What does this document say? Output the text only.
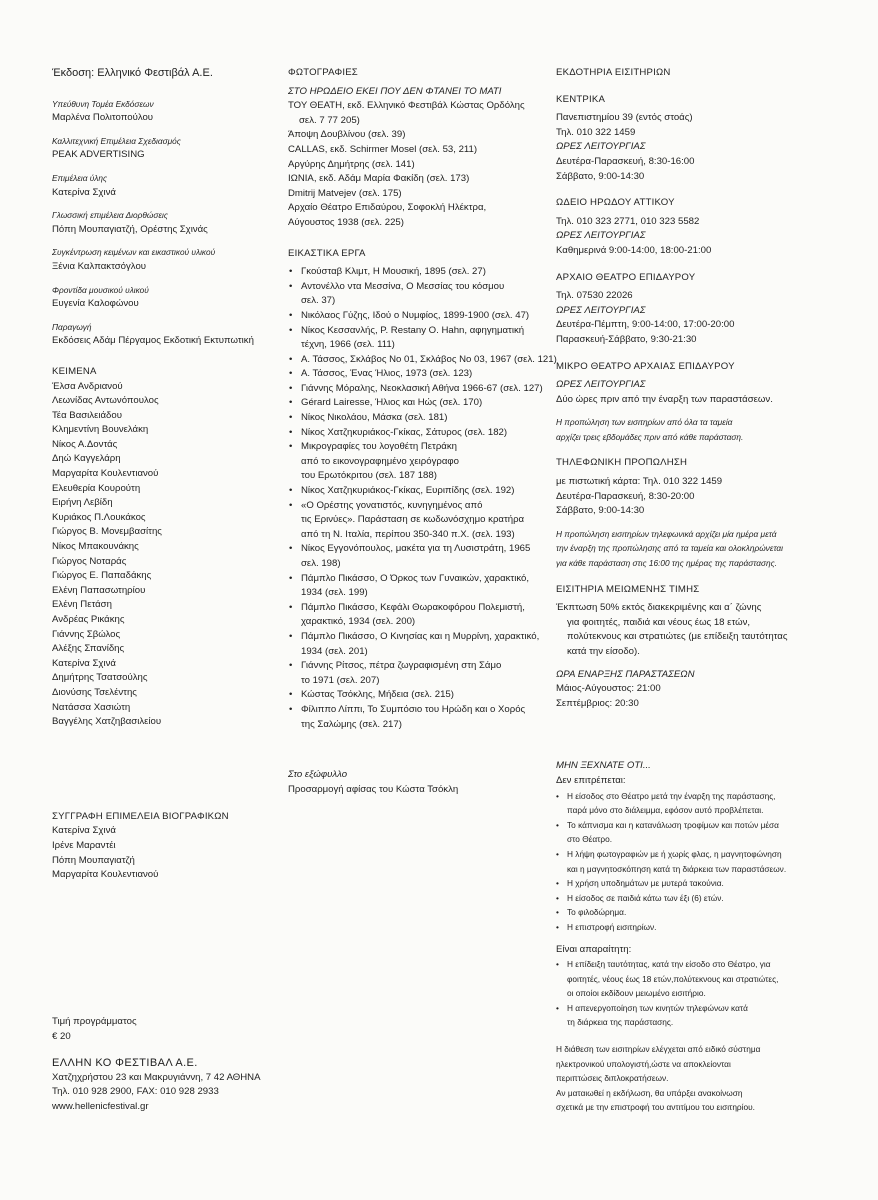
Έκδοση: Ελληνικό Φεστιβάλ Α.Ε.
Υπεύθυνη Τομέα Εκδόσεων
Μαρλένα Πολιτοπούλου
Καλλιτεχνική Επιμέλεια Σχεδιασμός
PEAK ADVERTISING
Επιμέλεια ύλης
Κατερίνα Σχινά
Γλωσσική επιμέλεια Διορθώσεις
Πόπη Μουπαγιατζή, Ορέστης Σχινάς
Συγκέντρωση κειμένων και εικαστικού υλικού
Ξένια Καλπακτσόγλου
Φροντίδα μουσικού υλικού
Ευγενία Καλοφώνου
Παραγωγή
Εκδόσεις Αδάμ Πέργαμος Εκδοτική Εκτυπωτική
ΚΕΙΜΕΝΑ
Έλσα Ανδριανού
Λεωνίδας Αντωνόπουλος
Τέα Βασιλειάδου
Κλημεντίνη Βουνελάκη
Νίκος Α.Δοντάς
Δηώ Καγγελάρη
Μαργαρίτα Κουλεντιανού
Ελευθερία Κουρούτη
Ειρήνη Λεβίδη
Κυριάκος Π.Λουκάκος
Γιώργος Β. Μονεμβασίτης
Νίκος Μπακουνάκης
Γιώργος Νοταράς
Γιώργος Ε. Παπαδάκης
Ελένη Παπασωτηρίου
Ελένη Πετάση
Ανδρέας Ρικάκης
Γιάννης Σβώλος
Αλέξης Σπανίδης
Κατερίνα Σχινά
Δημήτρης Τσατσούλης
Διονύσης Τσελέντης
Νατάσσα Χασιώτη
Βαγγέλης Χατζηβασιλείου
ΣΥΓΓΡΑΦΗ ΕΠΙΜΕΛΕΙΑ ΒΙΟΓΡΑΦΙΚΩΝ
Κατερίνα Σχινά
Ιρένε Μαραντέι
Πόπη Μουπαγιατζή
Μαργαρίτα Κουλεντιανού
ΦΩΤΟΓΡΑΦΙΕΣ
ΣΤΟ ΗΡΩΔΕΙΟ ΕΚΕΙ ΠΟΥ ΔΕΝ ΦΤΑΝΕΙ ΤΟ ΜΑΤΙ
ΤΟΥ ΘΕΑΤΗ, εκδ. Ελληνικό Φεστιβάλ Κώστας Ορδόλης
σελ. 7 77 205)
Άποψη Δουβλίνου (σελ. 39)
CALLAS, εκδ. Schirmer Mosel (σελ. 53, 211)
Αργύρης Δημήτρης (σελ. 141)
ΙΩΝΙΑ, εκδ. Αδάμ Μαρία Φακίδη (σελ. 173)
Dmitrij Matvejev (σελ. 175)
Αρχαίο Θέατρο Επιδαύρου, Σοφοκλή Ηλέκτρα,
Αύγουστος 1938 (σελ. 225)
ΕΙΚΑΣΤΙΚΑ ΕΡΓΑ
• Γκούσταβ Κλιμτ, Η Μουσική, 1895 (σελ. 27)
• Αντονέλλο ντα Μεσσίνα, Ο Μεσσίας του κόσμου
σελ. 37)
• Νικόλαος Γύζης, Ιδού ο Νυμφίος, 1899-1900 (σελ. 47)
• Νίκος Κεσσανλής, P. Restany O. Hahn, αφηγηματική
τέχνη, 1966 (σελ. 111)
• Α. Τάσσος, Σκλάβος Νο 01, Σκλάβος Νο 03, 1967 (σελ. 121)
• Α. Τάσσος, Ένας Ήλιος, 1973 (σελ. 123)
• Γιάννης Μόραλης, Νεοκλασική Αθήνα 1966-67 (σελ. 127)
• Gérard Lairesse, Ήλιος και Ηώς (σελ. 170)
• Νίκος Νικολάου, Μάσκα (σελ. 181)
• Νίκος Χατζηκυριάκος-Γκίκας, Σάτυρος (σελ. 182)
• Μικρογραφίες του λογοθέτη Πετράκη
από το εικονογραφημένο χειρόγραφο
του Ερωτόκριτου (σελ. 187 188)
• Νίκος Χατζηκυριάκος-Γκίκας, Ευριπίδης (σελ. 192)
• «Ο Ορέστης γονατιστός, κυνηγημένος από
τις Ερινύες». Παράσταση σε κωδωνόσχημο κρατήρα
από τη Ν. Ιταλία, περίπου 350-340 π.Χ. (σελ. 193)
• Νίκος Εγγονόπουλος, μακέτα για τη Λυσιστράτη, 1965
σελ. 198)
• Πάμπλο Πικάσσο, Ο Όρκος των Γυναικών, χαρακτικό,
1934 (σελ. 199)
• Πάμπλο Πικάσσο, Κεφάλι Θωρακοφόρου Πολεμιστή,
χαρακτικό, 1934 (σελ. 200)
• Πάμπλο Πικάσσο, Ο Κινησίας και η Μυρρίνη, χαρακτικό,
1934 (σελ. 201)
• Γιάννης Ρίτσος, πέτρα ζωγραφισμένη στη Σάμο
το 1971 (σελ. 207)
• Κώστας Τσόκλης, Μήδεια (σελ. 215)
• Φίλιππο Λίππι, Το Συμπόσιο του Ηρώδη και ο Χορός
της Σαλώμης (σελ. 217)
Στο εξώφυλλο
Προσαρμογή αφίσας του Κώστα Τσόκλη
ΕΚΔΟΤΗΡΙΑ ΕΙΣΙΤΗΡΙΩΝ
ΚΕΝΤΡΙΚΑ
Πανεπιστημίου 39 (εντός στοάς)
Τηλ. 010 322 1459
ΩΡΕΣ ΛΕΙΤΟΥΡΓΙΑΣ
Δευτέρα-Παρασκευή, 8:30-16:00
Σάββατο, 9:00-14:30
ΩΔΕΙΟ ΗΡΩΔΟΥ ΑΤΤΙΚΟΥ
Τηλ. 010 323 2771, 010 323 5582
ΩΡΕΣ ΛΕΙΤΟΥΡΓΙΑΣ
Καθημερινά 9:00-14:00, 18:00-21:00
ΑΡΧΑΙΟ ΘΕΑΤΡΟ ΕΠΙΔΑΥΡΟΥ
Τηλ. 07530 22026
ΩΡΕΣ ΛΕΙΤΟΥΡΓΙΑΣ
Δευτέρα-Πέμπτη, 9:00-14:00, 17:00-20:00
Παρασκευή-Σάββατο, 9:30-21:30
ΜΙΚΡΟ ΘΕΑΤΡΟ ΑΡΧΑΙΑΣ ΕΠΙΔΑΥΡΟΥ
ΩΡΕΣ ΛΕΙΤΟΥΡΓΙΑΣ
Δύο ώρες πριν από την έναρξη των παραστάσεων.
Η προπώληση των εισιτηρίων από όλα τα ταμεία
αρχίζει τρεις εβδομάδες πριν από κάθε παράσταση.
ΤΗΛΕΦΩΝΙΚΗ ΠΡΟΠΩΛΗΣΗ
με πιστωτική κάρτα: Τηλ. 010 322 1459
Δευτέρα-Παρασκευή, 8:30-20:00
Σάββατο, 9:00-14:30
Η προπώληση εισιτηρίων τηλεφωνικά αρχίζει μία ημέρα μετά
την έναρξη της προπώλησης από τα ταμεία και ολοκληρώνεται
για κάθε παράσταση στις 16:00 της ημέρας της παράστασης.
ΕΙΣΙΤΗΡΙΑ ΜΕΙΩΜΕΝΗΣ ΤΙΜΗΣ
Έκπτωση 50% εκτός διακεκριμένης και α΄ ζώνης
για φοιτητές, παιδιά και νέους έως 18 ετών,
πολύτεκνους και στρατιώτες (με επίδειξη ταυτότητας
κατά την είσοδο).
ΩΡΑ ΕΝΑΡΞΗΣ ΠΑΡΑΣΤΑΣΕΩΝ
Μάιος-Αύγουστος: 21:00
Σεπτέμβριος: 20:30
ΜΗΝ ΞΕΧΝΑΤΕ ΟΤΙ...
Δεν επιτρέπεται:
• Η είσοδος στο Θέατρο μετά την έναρξη της παράστασης,
παρά μόνο στο διάλειμμα, εφόσον αυτό προβλέπεται.
• Το κάπνισμα και η κατανάλωση τροφίμων και ποτών μέσα
στο Θέατρο.
• Η λήψη φωτογραφιών με ή χωρίς φλας, η μαγνητοφώνηση
και η μαγνητοσκόπηση κατά τη διάρκεια των παραστάσεων.
• Η χρήση υποδημάτων με μυτερά τακούνια.
• Η είσοδος σε παιδιά κάτω των έξι (6) ετών.
• Το φιλοδώρημα.
• Η επιστροφή εισιτηρίων.
Είναι απαραίτητη:
• Η επίδειξη ταυτότητας, κατά την είσοδο στο Θέατρο, για
φοιτητές, νέους έως 18 ετών,πολύτεκνους και στρατιώτες,
οι οποίοι εκδίδουν μειωμένο εισιτήριο.
• Η απενεργοποίηση των κινητών τηλεφώνων κατά
τη διάρκεια της παράστασης.
Η διάθεση των εισιτηρίων ελέγχεται από ειδικό σύστημα
ηλεκτρονικού υπολογιστή,ώστε να αποκλείονται
περιπτώσεις διπλοκρατήσεων.
Αν ματαιωθεί η εκδήλωση, θα υπάρξει ανακοίνωση
σχετικά με την επιστροφή του αντιτίμου του εισιτηρίου.
Τιμή προγράμματος
€ 20
ΕΛΛΗΝ ΚΟ ΦΕΣΤΙΒΑΛ Α.Ε.
Χατζηχρήστου 23 και Μακρυγιάννη, 7 42 ΑΘΗΝΑ
Τηλ. 010 928 2900, FAX: 010 928 2933
www.hellenicfestival.gr
